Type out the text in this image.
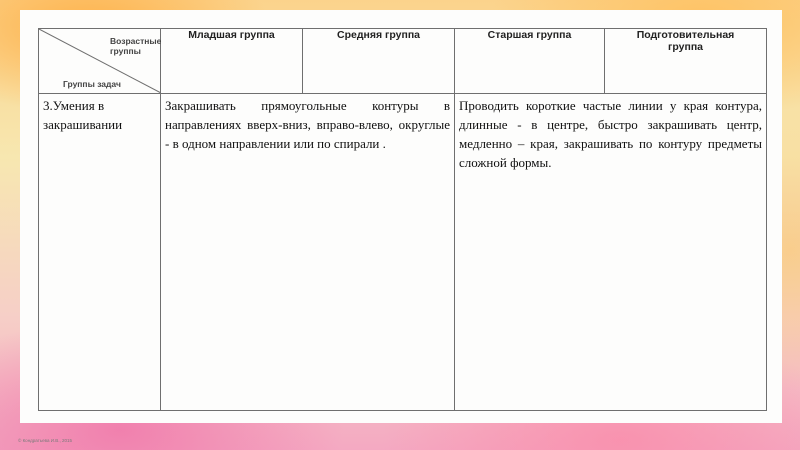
Возрастные группы
Группы задач	Младшая группа	Средняя группа	Старшая группа	Подготовительная группа
3.Умения в закрашивании	Закрашивать прямоугольные контуры в направлениях вверх-вниз, вправо-влево, округлые - в одном направлении или по спирали .		Проводить короткие частые линии у края контура, длинные - в центре, быстро закрашивать центр, медленно – края, закрашивать по контуру предметы сложной формы.	
© Кондратьева И.В., 2015
